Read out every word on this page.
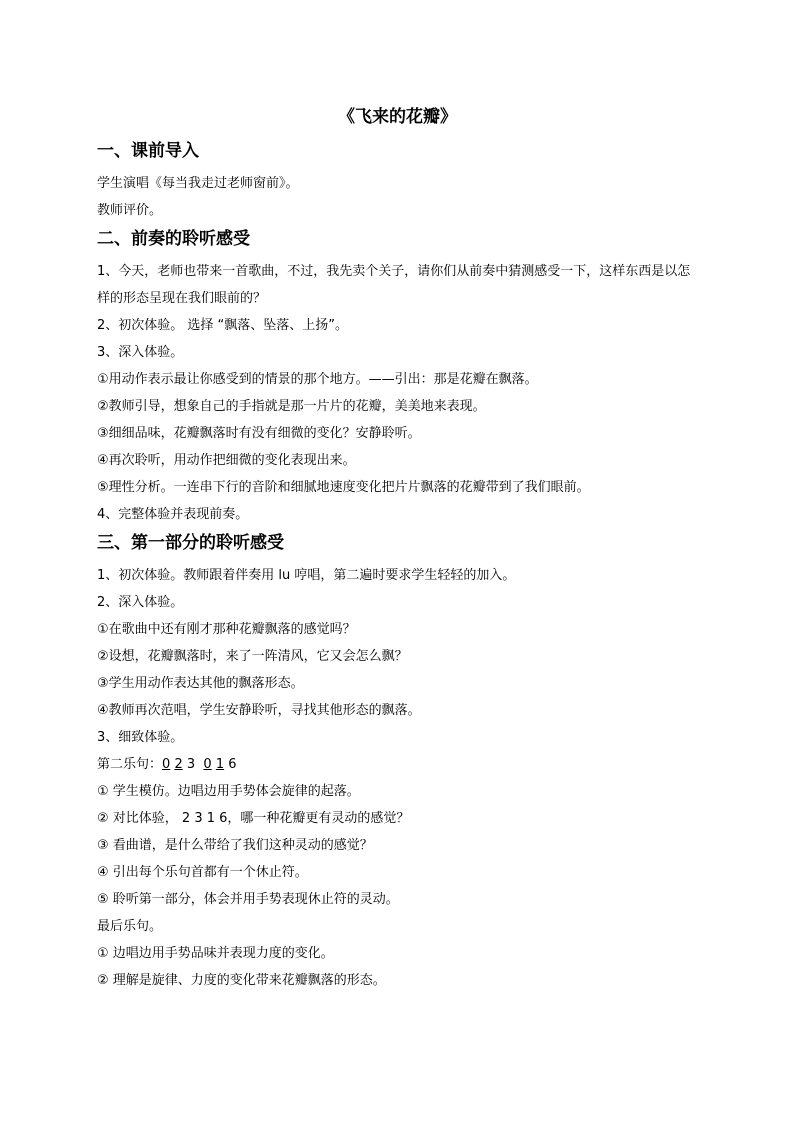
《飞来的花瓣》
一、课前导入
学生演唱《每当我走过老师窗前》。
教师评价。
二、前奏的聆听感受
1、今天，老师也带来一首歌曲，不过，我先卖个关子，请你们从前奏中猜测感受一下，这样东西是以怎样的形态呈现在我们眼前的？
2、初次体验。 选择 “飘落、坠落、上扬”。
3、深入体验。
①用动作表示最让你感受到的情景的那个地方。——引出：那是花瓣在飘落。
②教师引导，想象自己的手指就是那一片片的花瓣，美美地来表现。
③细细品味，花瓣飘落时有没有细微的变化？安静聆听。
④再次聆听，用动作把细微的变化表现出来。
⑤理性分析。一连串下行的音阶和细腻地速度变化把片片飘落的花瓣带到了我们眼前。
4、完整体验并表现前奏。
三、第一部分的聆听感受
1、初次体验。教师跟着伴奏用 lu 哼唱，第二遍时要求学生轻轻的加入。
2、深入体验。
①在歌曲中还有刚才那种花瓣飘落的感觉吗？
②设想，花瓣飘落时，来了一阵清风，它又会怎么飘？
③学生用动作表达其他的飘落形态。
④教师再次范唱，学生安静聆听，寻找其他形态的飘落。
3、细致体验。
第二乐句：0 2 3 0 1 6
① 学生模仿。边唱边用手势体会旋律的起落。
② 对比体验， 2 3 1 6，哪一种花瓣更有灵动的感觉？
③ 看曲谱，是什么带给了我们这种灵动的感觉？
④ 引出每个乐句首都有一个休止符。
⑤ 聆听第一部分，体会并用手势表现休止符的灵动。
最后乐句。
① 边唱边用手势品味并表现力度的变化。
② 理解是旋律、力度的变化带来花瓣飘落的形态。
